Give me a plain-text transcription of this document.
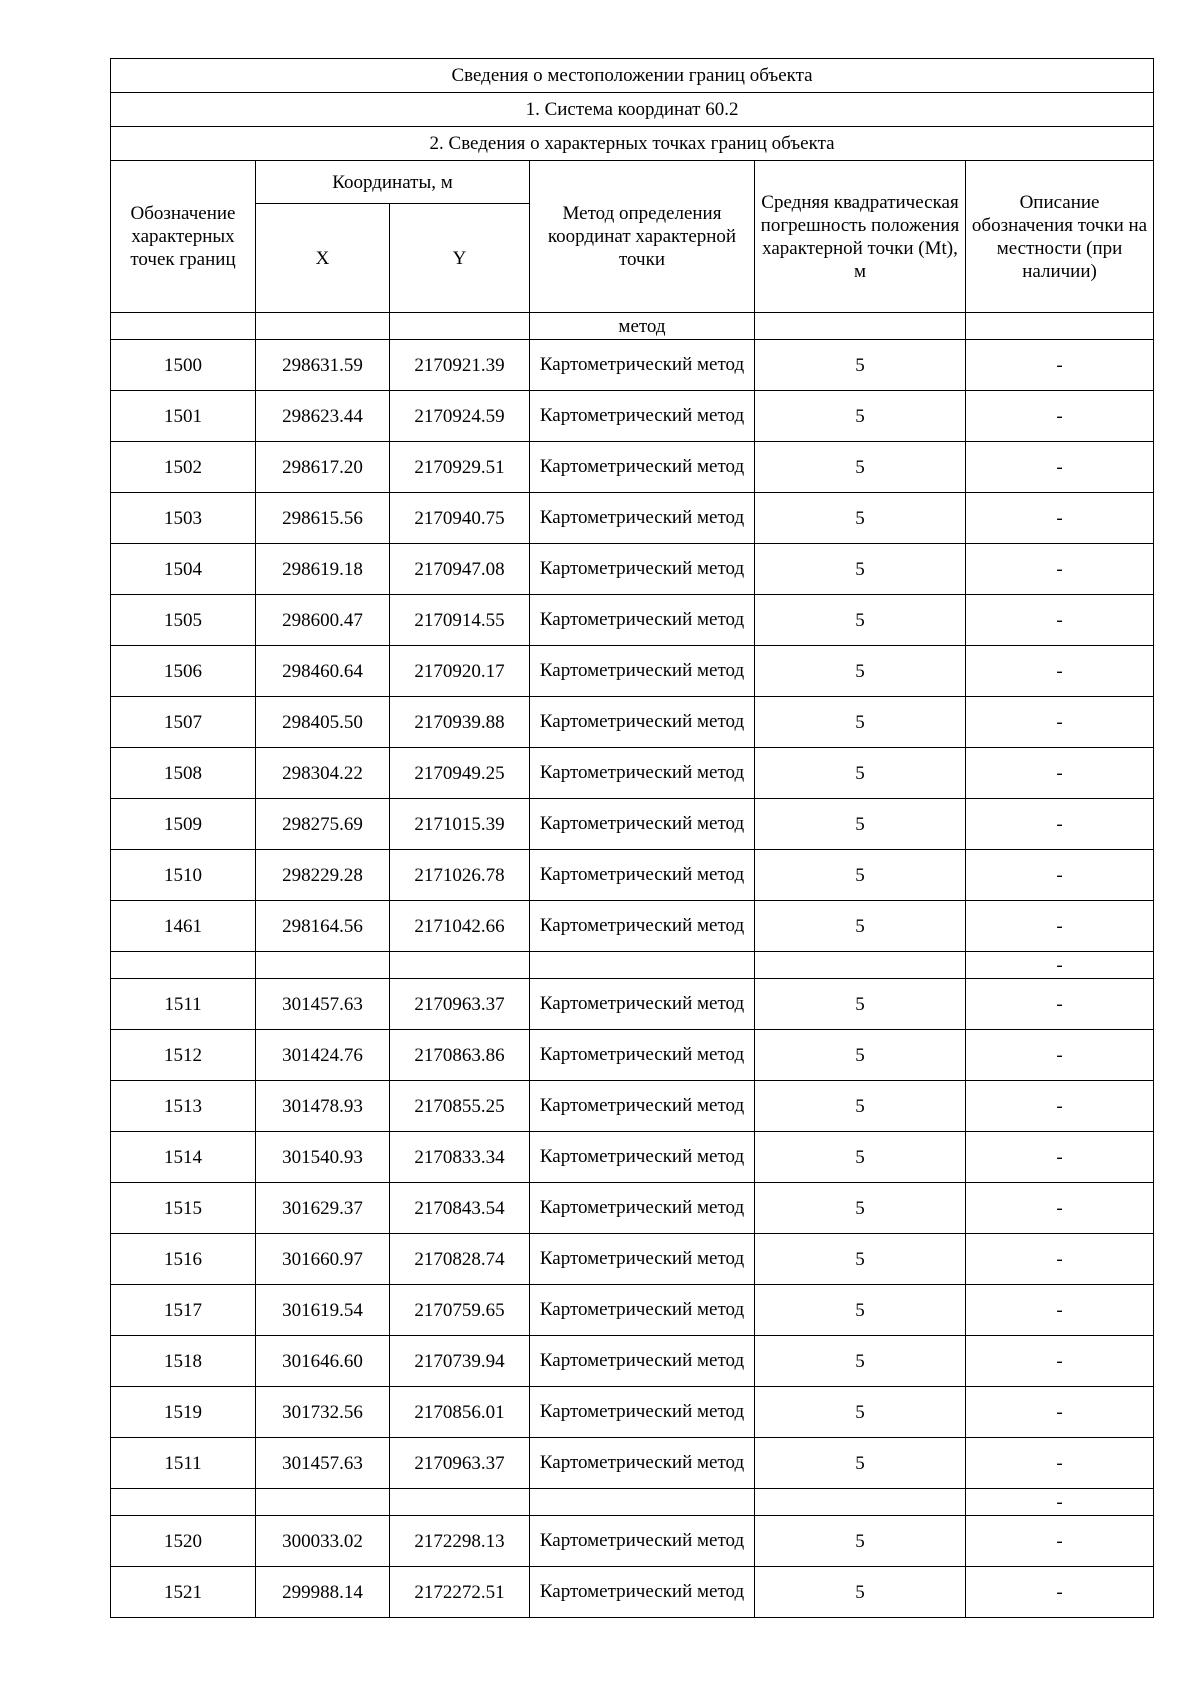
Сведения о местоположении границ объекта					
1. Система координат 60.2					
2. Сведения о характерных точках границ объекта					
Обозначение характерных точек границ	Координаты, м		Метод определения координат характерной точки	Средняя квадратическая погрешность положения характерной точки (Mt), м	Описание обозначения точки на местности (при наличии)
	X	Y			
			метод		
1500	298631.59	2170921.39	Картометрический метод	5	-
1501	298623.44	2170924.59	Картометрический метод	5	-
1502	298617.20	2170929.51	Картометрический метод	5	-
1503	298615.56	2170940.75	Картометрический метод	5	-
1504	298619.18	2170947.08	Картометрический метод	5	-
1505	298600.47	2170914.55	Картометрический метод	5	-
1506	298460.64	2170920.17	Картометрический метод	5	-
1507	298405.50	2170939.88	Картометрический метод	5	-
1508	298304.22	2170949.25	Картометрический метод	5	-
1509	298275.69	2171015.39	Картометрический метод	5	-
1510	298229.28	2171026.78	Картометрический метод	5	-
1461	298164.56	2171042.66	Картометрический метод	5	-
					-
1511	301457.63	2170963.37	Картометрический метод	5	-
1512	301424.76	2170863.86	Картометрический метод	5	-
1513	301478.93	2170855.25	Картометрический метод	5	-
1514	301540.93	2170833.34	Картометрический метод	5	-
1515	301629.37	2170843.54	Картометрический метод	5	-
1516	301660.97	2170828.74	Картометрический метод	5	-
1517	301619.54	2170759.65	Картометрический метод	5	-
1518	301646.60	2170739.94	Картометрический метод	5	-
1519	301732.56	2170856.01	Картометрический метод	5	-
1511	301457.63	2170963.37	Картометрический метод	5	-
					-
1520	300033.02	2172298.13	Картометрический метод	5	-
1521	299988.14	2172272.51	Картометрический метод	5	-
